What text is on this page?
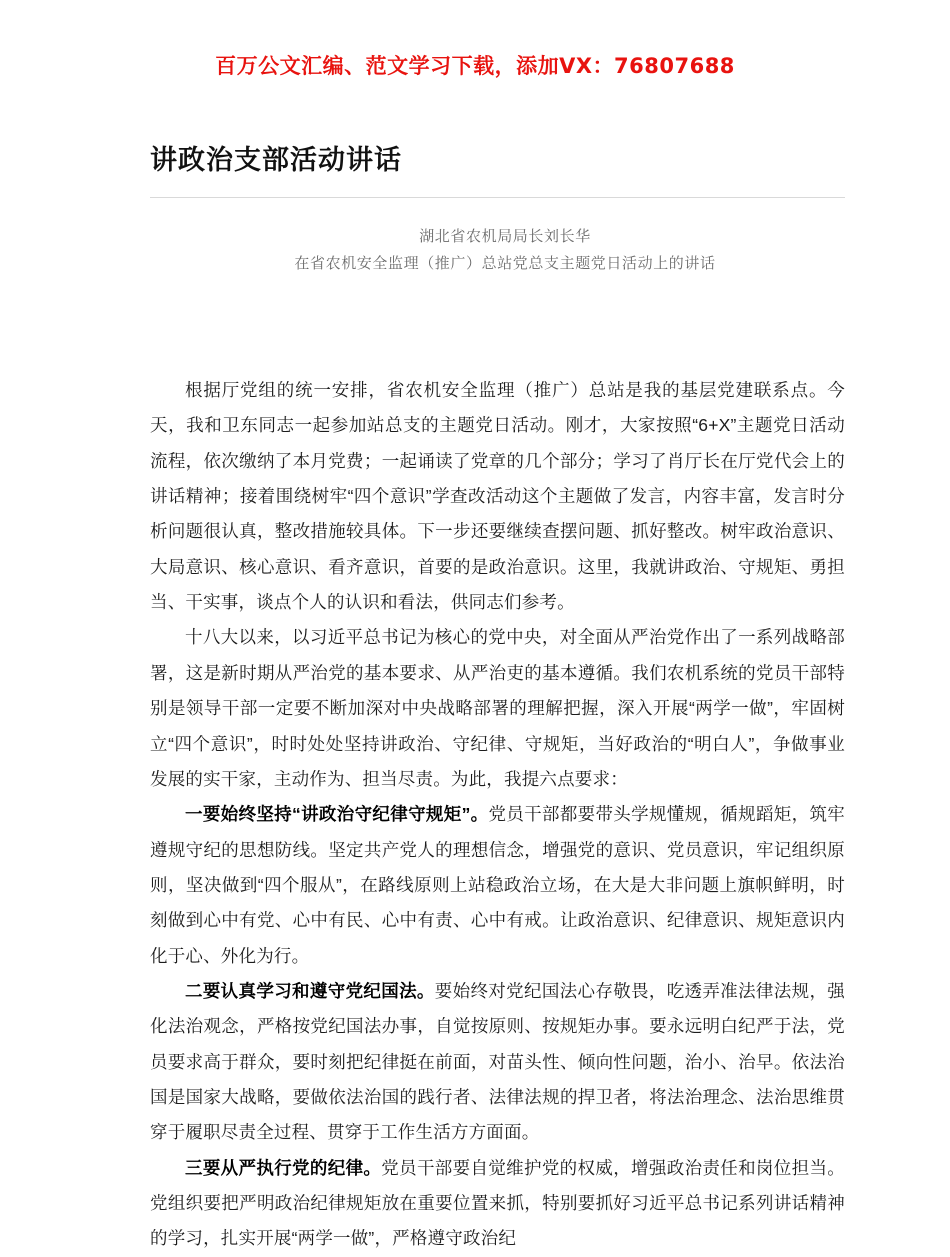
百万公文汇编、范文学习下载，添加VX：76807688
讲政治支部活动讲话
湖北省农机局局长刘长华
在省农机安全监理（推广）总站党总支主题党日活动上的讲话

根据厅党组的统一安排，省农机安全监理（推广）总站是我的基层党建联系点。今天，我和卫东同志一起参加站总支的主题党日活动。刚才，大家按照“6+X”主题党日活动流程，依次缴纳了本月党费；一起诵读了党章的几个部分；学习了肖厅长在厅党代会上的讲话精神；接着围绕树牢“四个意识”学查改活动这个主题做了发言，内容丰富，发言时分析问题很认真，整改措施较具体。下一步还要继续查摆问题、抓好整改。树牢政治意识、大局意识、核心意识、看齐意识，首要的是政治意识。这里，我就讲政治、守规矩、勇担当、干实事，谈点个人的认识和看法，供同志们参考。

十八大以来，以习近平总书记为核心的党中央，对全面从严治党作出了一系列战略部署，这是新时期从严治党的基本要求、从严治吏的基本遵循。我们农机系统的党员干部特别是领导干部一定要不断加深对中央战略部署的理解把握，深入开展“两学一做”，牢固树立“四个意识”，时时处处坚持讲政治、守纪律、守规矩，当好政治的“明白人”，争做事业发展的实干家，主动作为、担当尽责。为此，我提六点要求：

一要始终坚持“讲政治守纪律守规矩”。党员干部都要带头学规懂规，循规蹈矩，筑牢遵规守纪的思想防线。坚定共产党人的理想信念，增强党的意识、党员意识，牢记组织原则，坚决做到“四个服从”，在路线原则上站稳政治立场，在大是大非问题上旗帜鲜明，时刻做到心中有党、心中有民、心中有责、心中有戒。让政治意识、纪律意识、规矩意识内化于心、外化为行。

二要认真学习和遵守党纪国法。要始终对党纪国法心存敬畏，吃透弄准法律法规，强化法治观念，严格按党纪国法办事，自觉按原则、按规矩办事。要永远明白纪严于法，党员要求高于群众，要时刻把纪律挺在前面，对苗头性、倾向性问题，治小、治早。依法治国是国家大战略，要做依法治国的践行者、法律法规的捍卫者，将法治理念、法治思维贯穿于履职尽责全过程、贯穿于工作生活方方面面。

三要从严执行党的纪律。党员干部要自觉维护党的权威，增强政治责任和岗位担当。党组织要把严明政治纪律规矩放在重要位置来抓，特别要抓好习近平总书记系列讲话精神的学习，扎实开展“两学一做”，严格遵守政治纪
